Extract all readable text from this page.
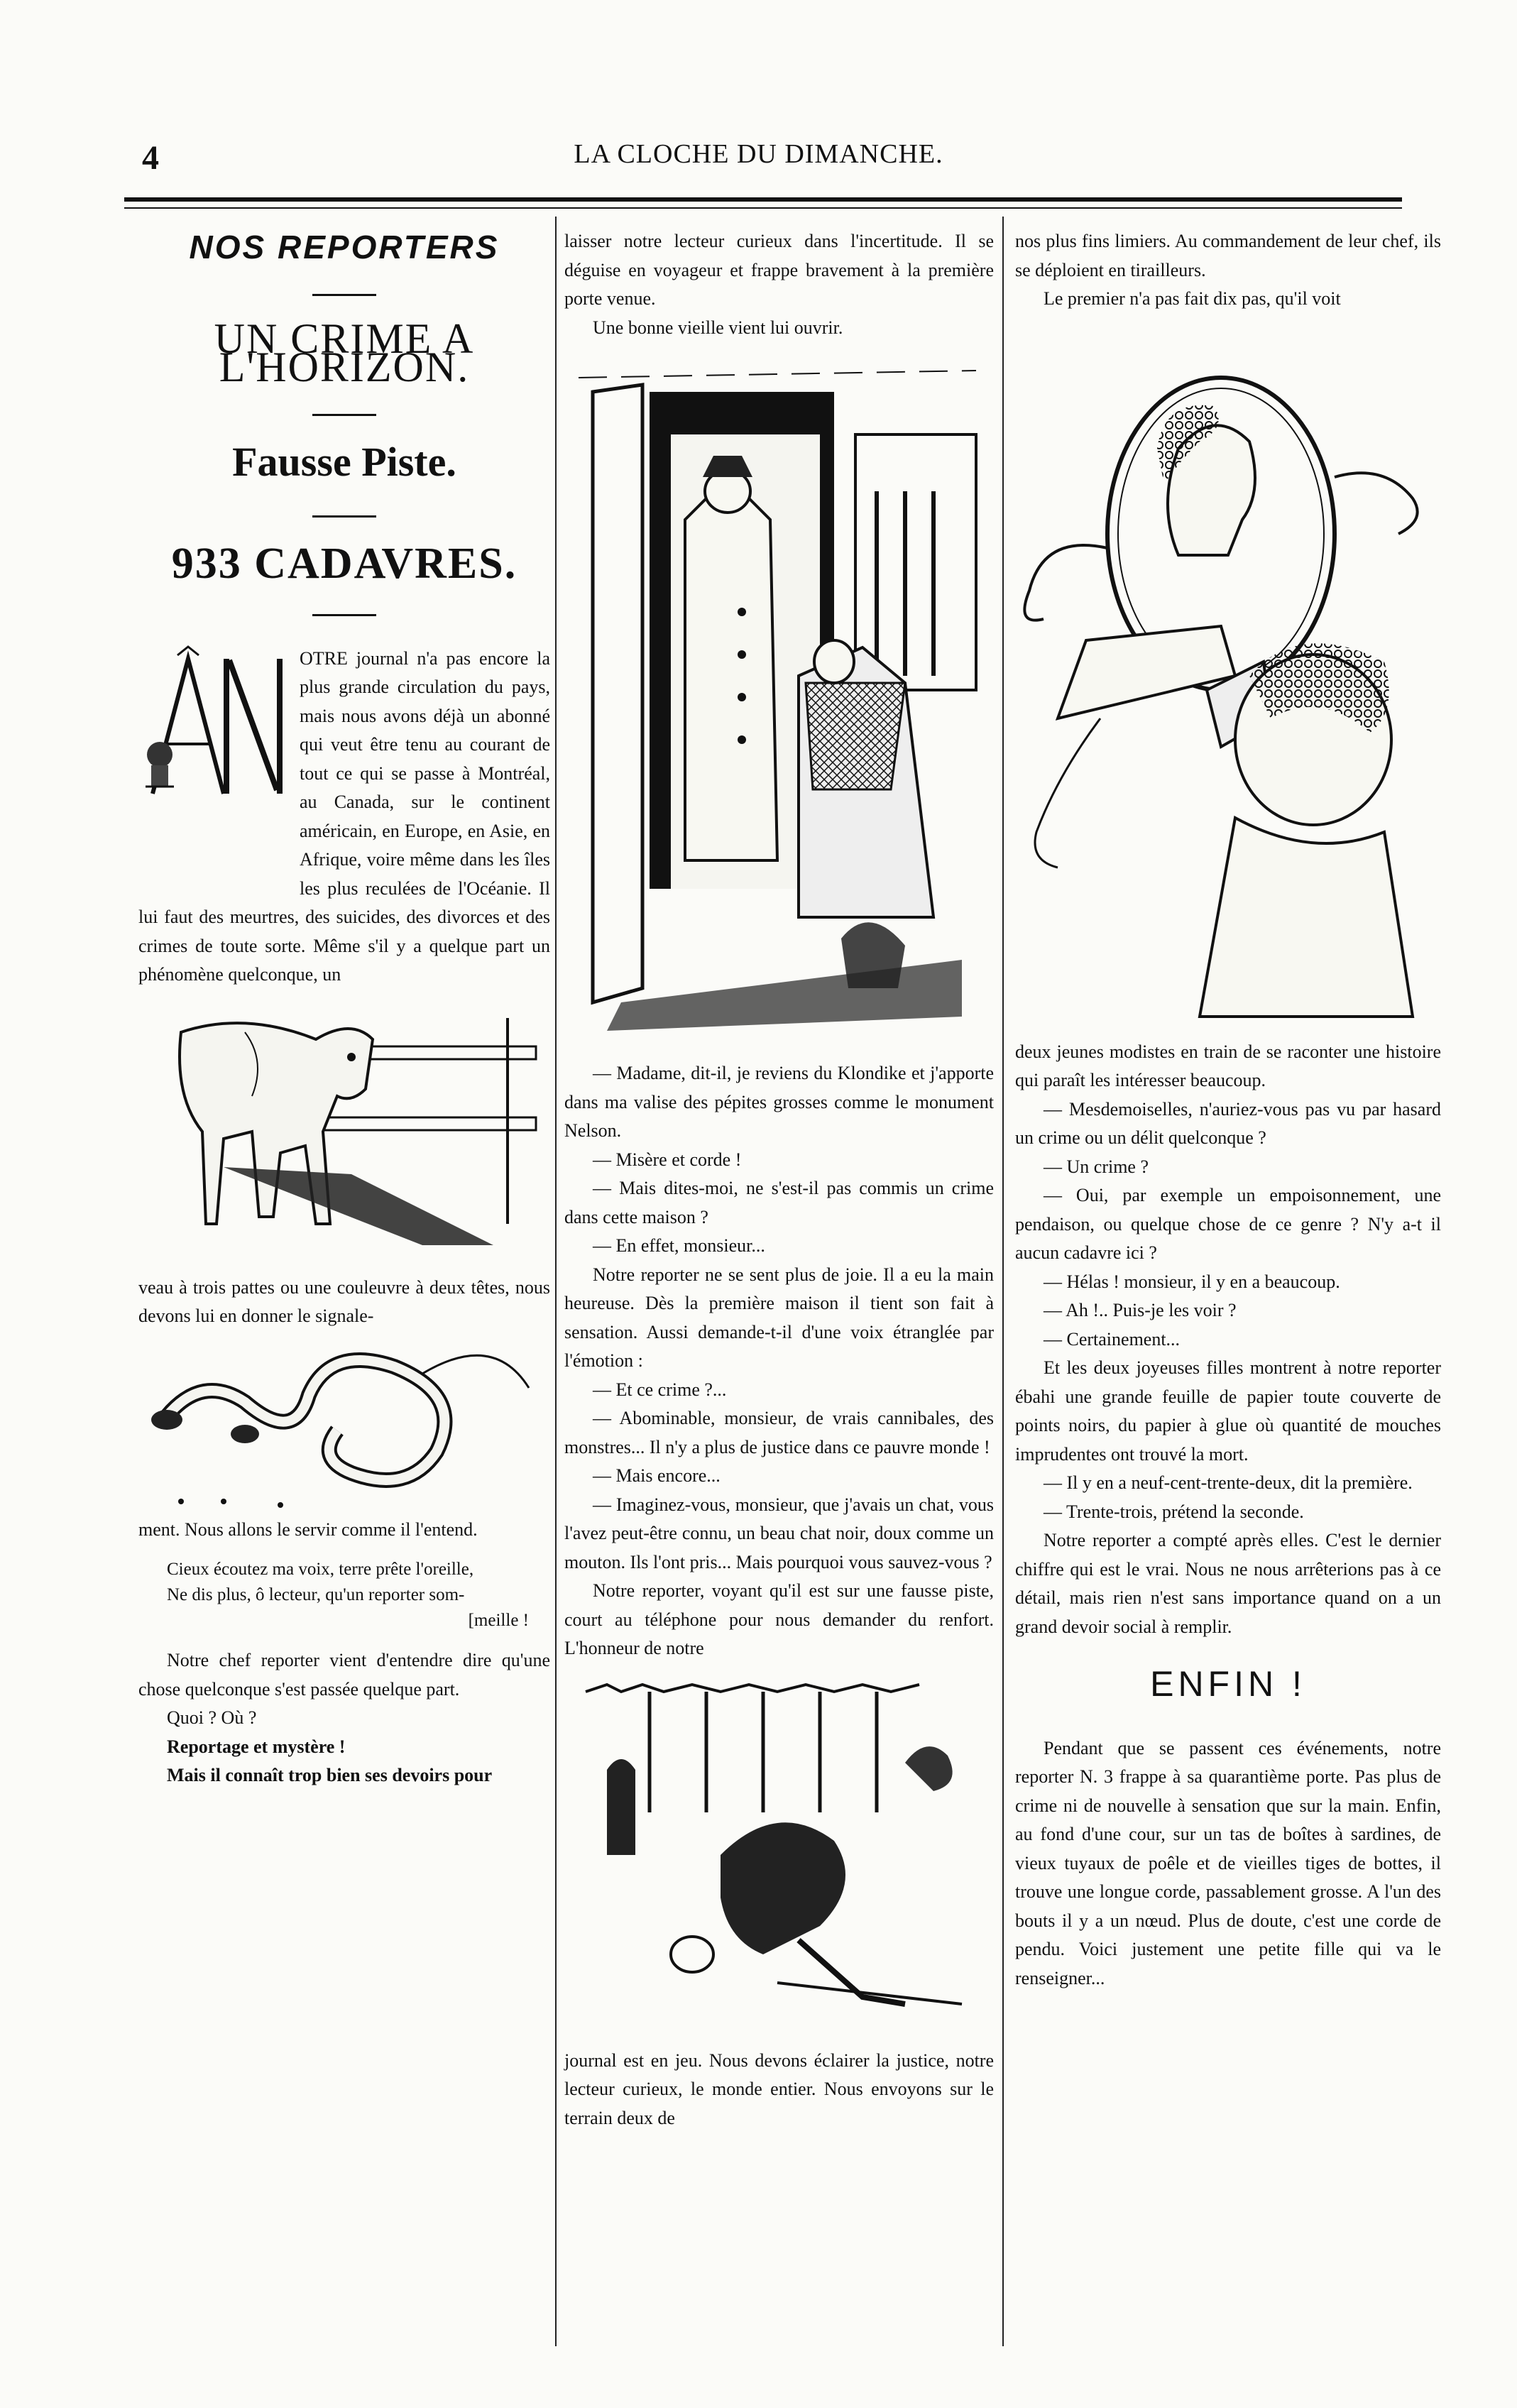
4	LA CLOCHE DU DIMANCHE.
NOS REPORTERS
UN CRIME A L'HORIZON.
Fausse Piste.
933 CADAVRES.

OTRE journal n'a pas encore la plus grande circulation du pays, mais nous avons déjà un abonné qui veut être tenu au courant de tout ce qui se passe à Montréal, au Canada, sur le continent américain, en Europe, en Asie, en Afrique, voire même dans les îles les plus reculées de l'Océanie. Il lui faut des meurtres, des suicides, des divorces et des crimes de toute sorte. Même s'il y a quelque part un phénomène quelconque, un

veau à trois pattes ou une couleuvre à deux têtes, nous devons lui en donner le signale-

ment. Nous allons le servir comme il l'entend.

Cieux écoutez ma voix, terre prête l'oreille,

Ne dis plus, ô lecteur, qu'un reporter som-

[meille !

Notre chef reporter vient d'entendre dire qu'une chose quelconque s'est passée quelque part.

Quoi ? Où ?

Reportage et mystère !

Mais il connaît trop bien ses devoirs pour

laisser notre lecteur curieux dans l'incertitude. Il se déguise en voyageur et frappe bravement à la première porte venue.

Une bonne vieille vient lui ouvrir.

— Madame, dit-il, je reviens du Klondike et j'apporte dans ma valise des pépites grosses comme le monument Nelson.

— Misère et corde !

— Mais dites-moi, ne s'est-il pas commis un crime dans cette maison ?

— En effet, monsieur...

Notre reporter ne se sent plus de joie. Il a eu la main heureuse. Dès la première maison il tient son fait à sensation. Aussi demande-t-il d'une voix étranglée par l'émotion :

— Et ce crime ?...

— Abominable, monsieur, de vrais cannibales, des monstres... Il n'y a plus de justice dans ce pauvre monde !

— Mais encore...

— Imaginez-vous, monsieur, que j'avais un chat, vous l'avez peut-être connu, un beau chat noir, doux comme un mouton. Ils l'ont pris... Mais pourquoi vous sauvez-vous ?

Notre reporter, voyant qu'il est sur une fausse piste, court au téléphone pour nous demander du renfort. L'honneur de notre

journal est en jeu. Nous devons éclairer la justice, notre lecteur curieux, le monde entier. Nous envoyons sur le terrain deux de

nos plus fins limiers. Au commandement de leur chef, ils se déploient en tirailleurs.

Le premier n'a pas fait dix pas, qu'il voit

deux jeunes modistes en train de se raconter une histoire qui paraît les intéresser beaucoup.

— Mesdemoiselles, n'auriez-vous pas vu par hasard un crime ou un délit quelconque ?

— Un crime ?

— Oui, par exemple un empoisonnement, une pendaison, ou quelque chose de ce genre ? N'y a-t il aucun cadavre ici ?

— Hélas ! monsieur, il y en a beaucoup.

— Ah !.. Puis-je les voir ?

— Certainement...

Et les deux joyeuses filles montrent à notre reporter ébahi une grande feuille de papier toute couverte de points noirs, du papier à glue où quantité de mouches imprudentes ont trouvé la mort.

— Il y en a neuf-cent-trente-deux, dit la première.

— Trente-trois, prétend la seconde.

Notre reporter a compté après elles. C'est le dernier chiffre qui est le vrai. Nous ne nous arrêterions pas à ce détail, mais rien n'est sans importance quand on a un grand devoir social à remplir.

ENFIN !

Pendant que se passent ces événements, notre reporter N. 3 frappe à sa quarantième porte. Pas plus de crime ni de nouvelle à sensation que sur la main. Enfin, au fond d'une cour, sur un tas de boîtes à sardines, de vieux tuyaux de poêle et de vieilles tiges de bottes, il trouve une longue corde, passablement grosse. A l'un des bouts il y a un nœud. Plus de doute, c'est une corde de pendu. Voici justement une petite fille qui va le renseigner...
